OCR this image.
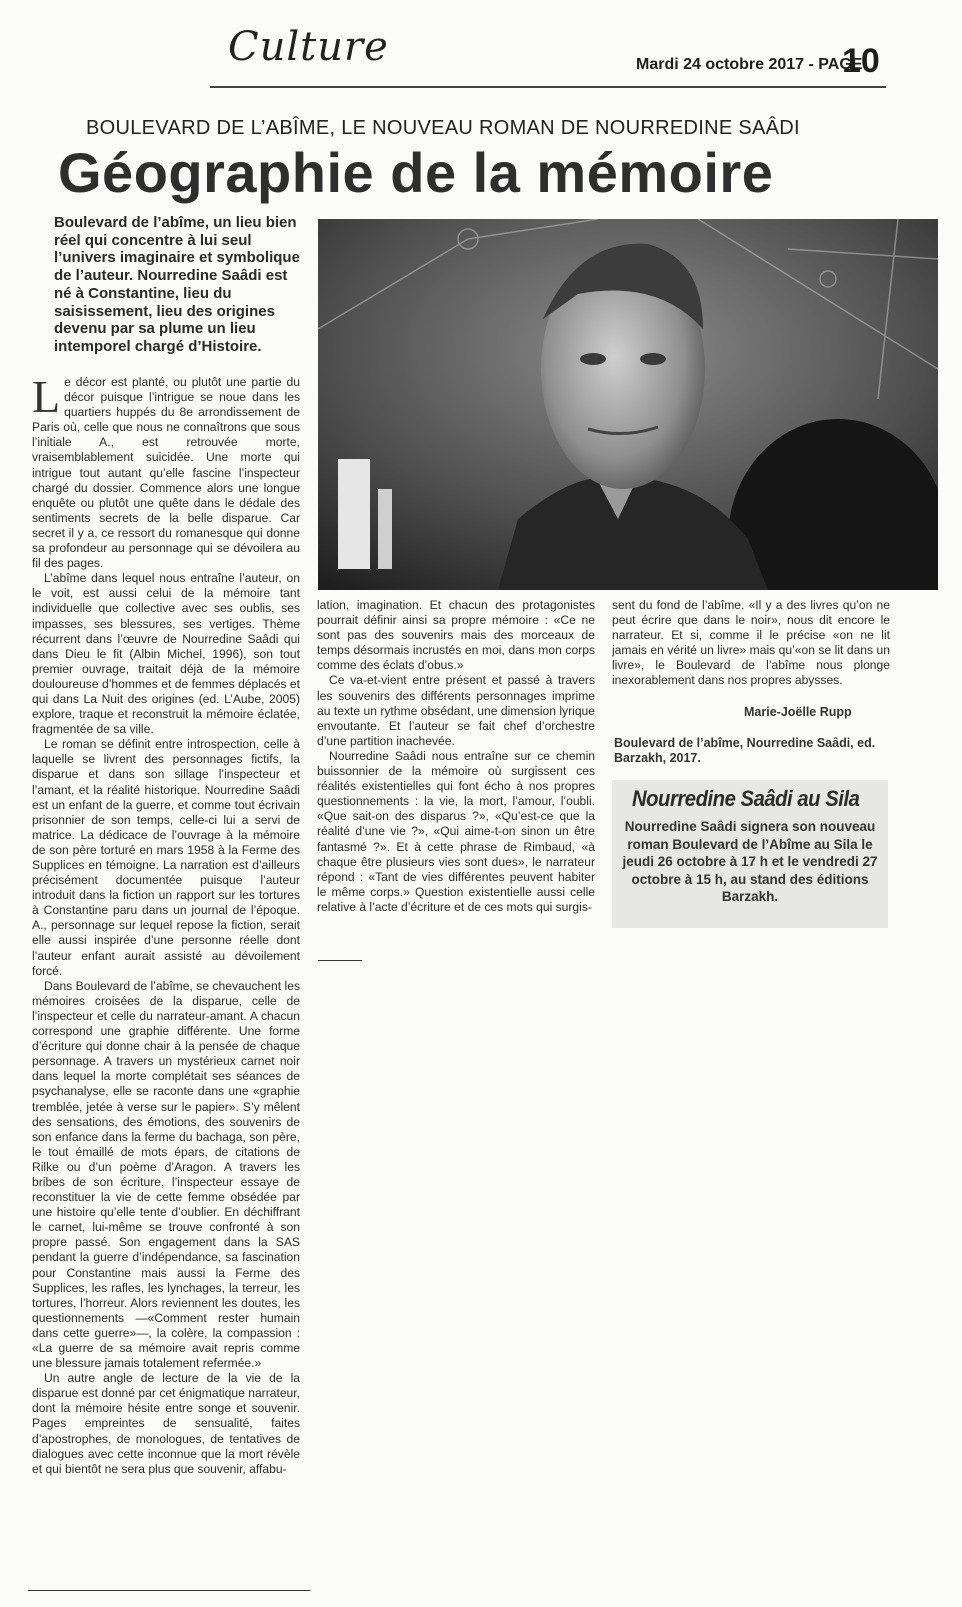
Culture	Mardi 24 octobre 2017 - PAGE
10
BOULEVARD DE L’ABÎME, LE NOUVEAU ROMAN DE NOURREDINE SAÂDI
Géographie de la mémoire
Boulevard de l’abîme, un lieu bien réel qui concentre à lui seul l’univers imaginaire et symbolique de l’auteur. Nourredine Saâdi est né à Constantine, lieu du saisissement, lieu des origines devenu par sa plume un lieu intemporel chargé d’Histoire.

Le décor est planté, ou plutôt une partie du décor puisque l’intrigue se noue dans les quartiers huppés du 8e arrondissement de Paris où, celle que nous ne connaîtrons que sous l’initiale A., est retrouvée morte, vraisemblablement suicidée. Une morte qui intrigue tout autant qu’elle fascine l’inspecteur chargé du dossier. Commence alors une longue enquête ou plutôt une quête dans le dédale des sentiments secrets de la belle disparue. Car secret il y a, ce ressort du romanesque qui donne sa profondeur au personnage qui se dévoilera au fil des pages.

L’abîme dans lequel nous entraîne l’auteur, on le voit, est aussi celui de la mémoire tant individuelle que collective avec ses oublis, ses impasses, ses blessures, ses vertiges. Thème récurrent dans l’œuvre de Nourredine Saâdi qui dans Dieu le fit (Albin Michel, 1996), son tout premier ouvrage, traitait déjà de la mémoire douloureuse d’hommes et de femmes déplacés et qui dans La Nuit des origines (ed. L’Aube, 2005) explore, traque et reconstruit la mémoire éclatée, fragmentée de sa ville.

Le roman se définit entre introspection, celle à laquelle se livrent des personnages fictifs, la disparue et dans son sillage l’inspecteur et l’amant, et la réalité historique. Nourredine Saâdi est un enfant de la guerre, et comme tout écrivain prisonnier de son temps, celle-ci lui a servi de matrice. La dédicace de l’ouvrage à la mémoire de son père torturé en mars 1958 à la Ferme des Supplices en témoigne. La narration est d’ailleurs précisément documentée puisque l’auteur introduit dans la fiction un rapport sur les tortures à Constantine paru dans un journal de l’époque. A., personnage sur lequel repose la fiction, serait elle aussi inspirée d’une personne réelle dont l’auteur enfant aurait assisté au dévoilement forcé.

Dans Boulevard de l’abîme, se chevauchent les mémoires croisées de la disparue, celle de l’inspecteur et celle du narrateur-amant. A chacun correspond une graphie différente. Une forme d’écriture qui donne chair à la pensée de chaque personnage. A travers un mystérieux carnet noir dans lequel la morte complétait ses séances de psychanalyse, elle se raconte dans une «graphie tremblée, jetée à verse sur le papier». S’y mêlent des sensations, des émotions, des souvenirs de son enfance dans la ferme du bachaga, son père, le tout émaillé de mots épars, de citations de Rilke ou d’un poème d’Aragon. A travers les bribes de son écriture, l’inspecteur essaye de reconstituer la vie de cette femme obsédée par une histoire qu’elle tente d’oublier. En déchiffrant le carnet, lui-même se trouve confronté à son propre passé. Son engagement dans la SAS pendant la guerre d’indépendance, sa fascination pour Constantine mais aussi la Ferme des Supplices, les rafles, les lynchages, la terreur, les tortures, l’horreur. Alors reviennent les doutes, les questionnements —«Comment rester humain dans cette guerre»—, la colère, la compassion : «La guerre de sa mémoire avait repris comme une blessure jamais totalement refermée.»

Un autre angle de lecture de la vie de la disparue est donné par cet énigmatique narrateur, dont la mémoire hésite entre songe et souvenir. Pages empreintes de sensualité, faites d’apostrophes, de monologues, de tentatives de dialogues avec cette inconnue que la mort révèle et qui bientôt ne sera plus que souvenir, affabu-

lation, imagination. Et chacun des protagonistes pourrait définir ainsi sa propre mémoire : «Ce ne sont pas des souvenirs mais des morceaux de temps désormais incrustés en moi, dans mon corps comme des éclats d’obus.»

Ce va-et-vient entre présent et passé à travers les souvenirs des différents personnages imprime au texte un rythme obsédant, une dimension lyrique envoutante. Et l’auteur se fait chef d’orchestre d’une partition inachevée.

Nourredine Saâdi nous entraîne sur ce chemin buissonnier de la mémoire où surgissent ces réalités existentielles qui font écho à nos propres questionnements : la vie, la mort, l’amour, l’oubli. «Que sait-on des disparus ?», «Qu’est-ce que la réalité d’une vie ?», «Qui aime-t-on sinon un être fantasmé ?». Et à cette phrase de Rimbaud, «à chaque être plusieurs vies sont dues», le narrateur répond : «Tant de vies différentes peuvent habiter le même corps.» Question existentielle aussi celle relative à l’acte d’écriture et de ces mots qui surgis-

sent du fond de l’abîme. «Il y a des livres qu’on ne peut écrire que dans le noir», nous dit encore le narrateur. Et si, comme il le précise «on ne lit jamais en vérité un livre» mais qu’«on se lit dans un livre», le Boulevard de l’abîme nous plonge inexorablement dans nos propres abysses.

Marie-Joëlle Rupp
Boulevard de l’abîme, Nourredine Saâdi, ed. Barzakh, 2017.
Nourredine Saâdi au Sila
Nourredine Saâdi signera son nouveau roman Boulevard de l’Abîme au Sila le jeudi 26 octobre à 17 h et le vendredi 27 octobre à 15 h, au stand des éditions Barzakh.
